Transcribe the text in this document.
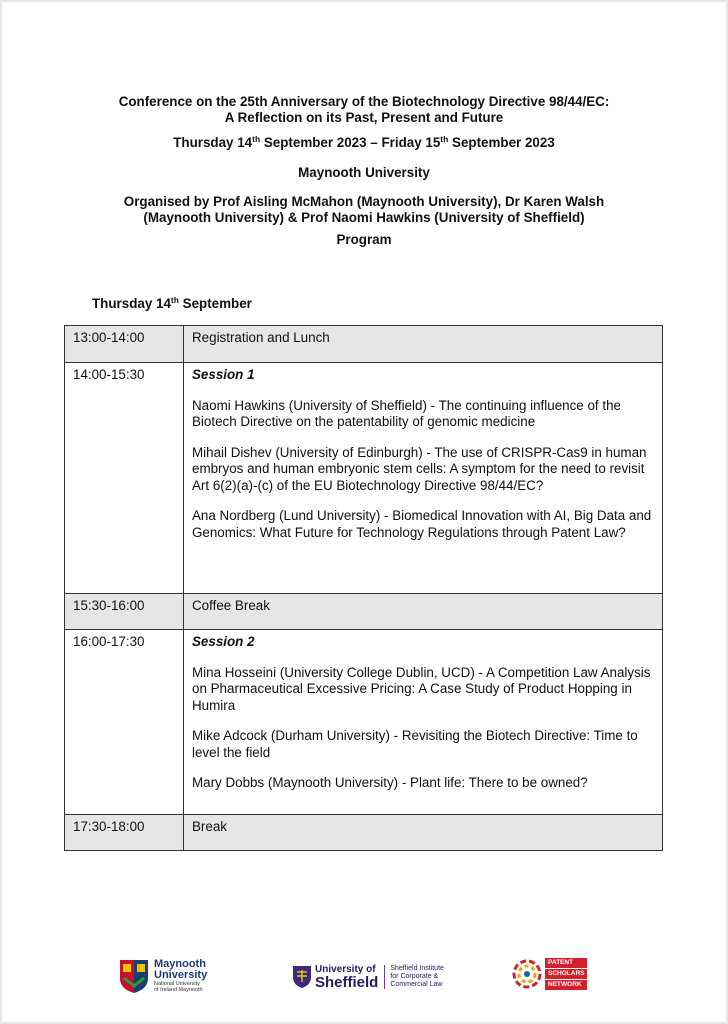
Conference on the 25th Anniversary of the Biotechnology Directive 98/44/EC:
A Reflection on its Past, Present and Future
Thursday 14th September 2023 – Friday 15th September 2023
Maynooth University
Organised by Prof Aisling McMahon (Maynooth University), Dr Karen Walsh
(Maynooth University) & Prof Naomi Hawkins (University of Sheffield)
Program
Thursday 14th September
13:00-14:00	Registration and Lunch
14:00-15:30	Session 1
Naomi Hawkins (University of Sheffield) - The continuing influence of the Biotech Directive on the patentability of genomic medicine
Mihail Dishev (University of Edinburgh) - The use of CRISPR-Cas9 in human embryos and human embryonic stem cells: A symptom for the need to revisit Art 6(2)(a)-(c) of the EU Biotechnology Directive 98/44/EC?
Ana Nordberg (Lund University) - Biomedical Innovation with AI, Big Data and Genomics: What Future for Technology Regulations through Patent Law?

15:30-16:00	Coffee Break
16:00-17:30	Session 2
Mina Hosseini (University College Dublin, UCD) - A Competition Law Analysis on Pharmaceutical Excessive Pricing: A Case Study of Product Hopping in Humira
Mike Adcock (Durham University) - Revisiting the Biotech Directive: Time to level the field
Mary Dobbs (Maynooth University) - Plant life: There to be owned?

17:30-18:00	Break
Maynooth
University
National University
of Ireland Maynooth
University of
Sheffield
Sheffield Institute
for Corporate &
Commercial Law
PATENT
SCHOLARS
NETWORK
